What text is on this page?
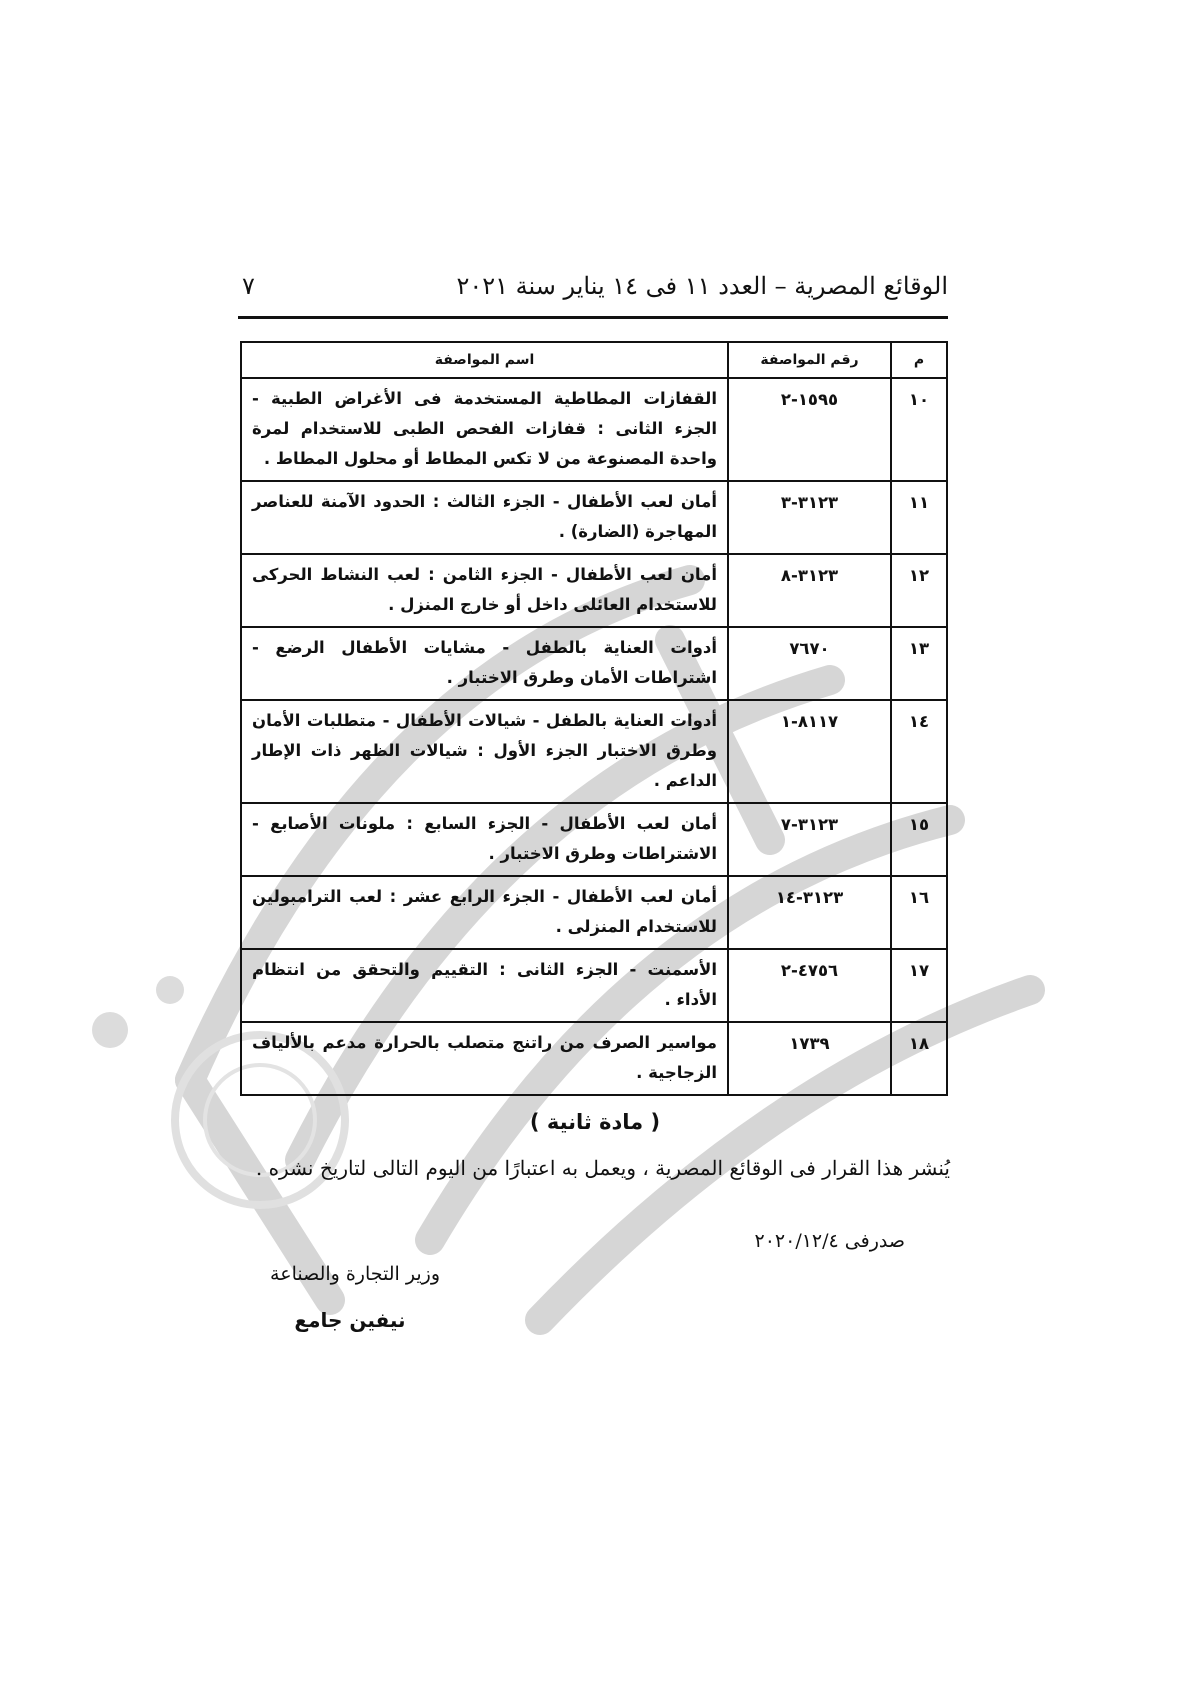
الوقائع المصرية – العدد ١١ فى ١٤ يناير سنة ٢٠٢١
٧
م	رقم المواصفة	اسم المواصفة
١٠	١٥٩٥-٢	القفازات المطاطية المستخدمة فى الأغراض الطبية - الجزء الثانى : قفازات الفحص الطبى للاستخدام لمرة واحدة المصنوعة من لا تكس المطاط أو محلول المطاط .
١١	٣١٢٣-٣	أمان لعب الأطفال - الجزء الثالث : الحدود الآمنة للعناصر المهاجرة (الضارة) .
١٢	٣١٢٣-٨	أمان لعب الأطفال - الجزء الثامن : لعب النشاط الحركى للاستخدام العائلى داخل أو خارج المنزل .
١٣	٧٦٧٠	أدوات العناية بالطفل - مشايات الأطفال الرضع - اشتراطات الأمان وطرق الاختبار .
١٤	٨١١٧-١	أدوات العناية بالطفل - شيالات الأطفال - متطلبات الأمان وطرق الاختبار الجزء الأول : شيالات الظهر ذات الإطار الداعم .
١٥	٣١٢٣-٧	أمان لعب الأطفال - الجزء السابع : ملونات الأصابع - الاشتراطات وطرق الاختبار .
١٦	٣١٢٣-١٤	أمان لعب الأطفال - الجزء الرابع عشر : لعب الترامبولين للاستخدام المنزلى .
١٧	٤٧٥٦-٢	الأسمنت - الجزء الثانى : التقييم والتحقق من انتظام الأداء .
١٨	١٧٣٩	مواسير الصرف من راتنج متصلب بالحرارة مدعم بالألياف الزجاجية .
( مادة ثانية )
يُنشر هذا القرار فى الوقائع المصرية ، ويعمل به اعتبارًا من اليوم التالى لتاريخ نشره .
صدرفى ٢٠٢٠/١٢/٤
وزير التجارة والصناعة
نيفين جامع
